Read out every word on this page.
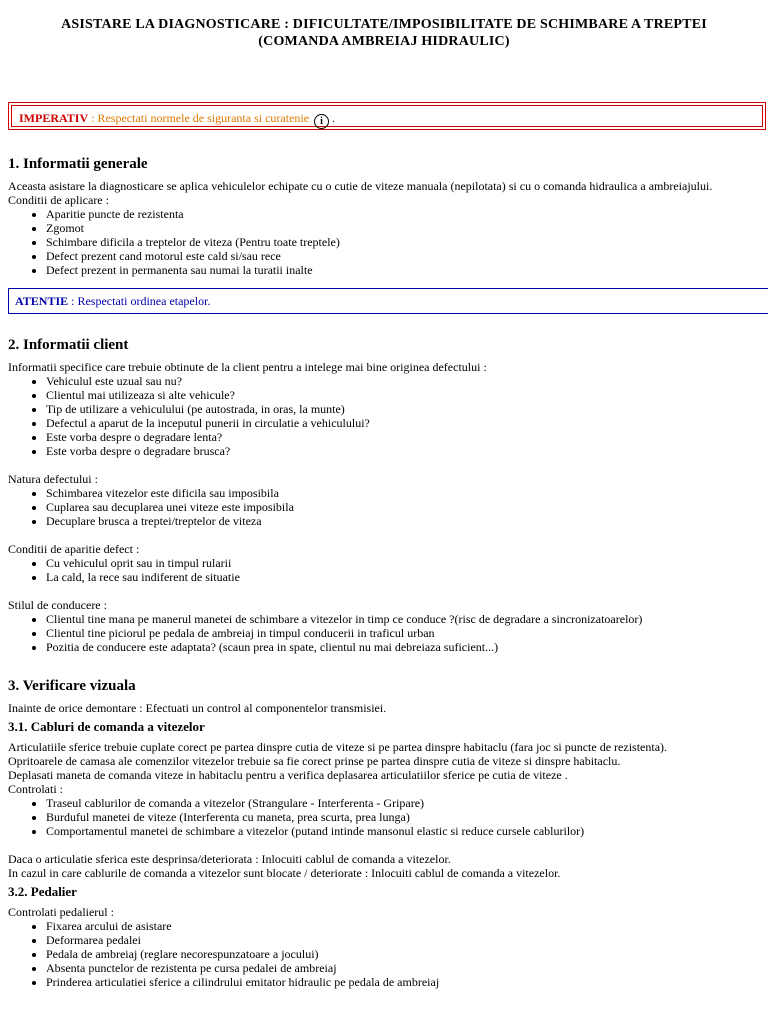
ASISTARE LA DIAGNOSTICARE : DIFICULTATE/IMPOSIBILITATE DE SCHIMBARE A TREPTEI
(COMANDA AMBREIAJ HIDRAULIC)
IMPERATIV : Respectati normele de siguranta si curatenie i .
1. Informatii generale

Aceasta asistare la diagnosticare se aplica vehiculelor echipate cu o cutie de viteze manuala (nepilotata) si cu o comanda hidraulica a ambreiajului.

Conditii de aplicare :

• Aparitie puncte de rezistenta
• Zgomot
• Schimbare dificila a treptelor de viteza (Pentru toate treptele)
• Defect prezent cand motorul este cald si/sau rece
• Defect prezent in permanenta sau numai la turatii inalte
ATENTIE : Respectati ordinea etapelor.
2. Informatii client

Informatii specifice care trebuie obtinute de la client pentru a intelege mai bine originea defectului :

• Vehiculul este uzual sau nu?
• Clientul mai utilizeaza si alte vehicule?
• Tip de utilizare a vehiculului (pe autostrada, in oras, la munte)
• Defectul a aparut de la inceputul punerii in circulatie a vehiculului?
• Este vorba despre o degradare lenta?
• Este vorba despre o degradare brusca?

Natura defectului :

• Schimbarea vitezelor este dificila sau imposibila
• Cuplarea sau decuplarea unei viteze este imposibila
• Decuplare brusca a treptei/treptelor de viteza

Conditii de aparitie defect :

• Cu vehiculul oprit sau in timpul rularii
• La cald, la rece sau indiferent de situatie

Stilul de conducere :

• Clientul tine mana pe manerul manetei de schimbare a vitezelor in timp ce conduce ?(risc de degradare a sincronizatoarelor)
• Clientul tine piciorul pe pedala de ambreiaj in timpul conducerii in traficul urban
• Pozitia de conducere este adaptata? (scaun prea in spate, clientul nu mai debreiaza suficient...)
3. Verificare vizuala

Inainte de orice demontare : Efectuati un control al componentelor transmisiei.

3.1. Cabluri de comanda a vitezelor

Articulatiile sferice trebuie cuplate corect pe partea dinspre cutia de viteze si pe partea dinspre habitaclu (fara joc si puncte de rezistenta).

Opritoarele de camasa ale comenzilor vitezelor trebuie sa fie corect prinse pe partea dinspre cutia de viteze si dinspre habitaclu.

Deplasati maneta de comanda viteze in habitaclu pentru a verifica deplasarea articulatiilor sferice pe cutia de viteze .

Controlati :

• Traseul cablurilor de comanda a vitezelor (Strangulare - Interferenta - Gripare)
• Burduful manetei de viteze (Interferenta cu maneta, prea scurta, prea lunga)
• Comportamentul manetei de schimbare a vitezelor (putand intinde mansonul elastic si reduce cursele cablurilor)

Daca o articulatie sferica este desprinsa/deteriorata : Inlocuiti cablul de comanda a vitezelor.

In cazul in care cablurile de comanda a vitezelor sunt blocate / deteriorate : Inlocuiti cablul de comanda a vitezelor.

3.2. Pedalier

Controlati pedalierul :

• Fixarea arcului de asistare
• Deformarea pedalei
• Pedala de ambreiaj (reglare necorespunzatoare a jocului)
• Absenta punctelor de rezistenta pe cursa pedalei de ambreiaj
• Prinderea articulatiei sferice a cilindrului emitator hidraulic pe pedala de ambreiaj
